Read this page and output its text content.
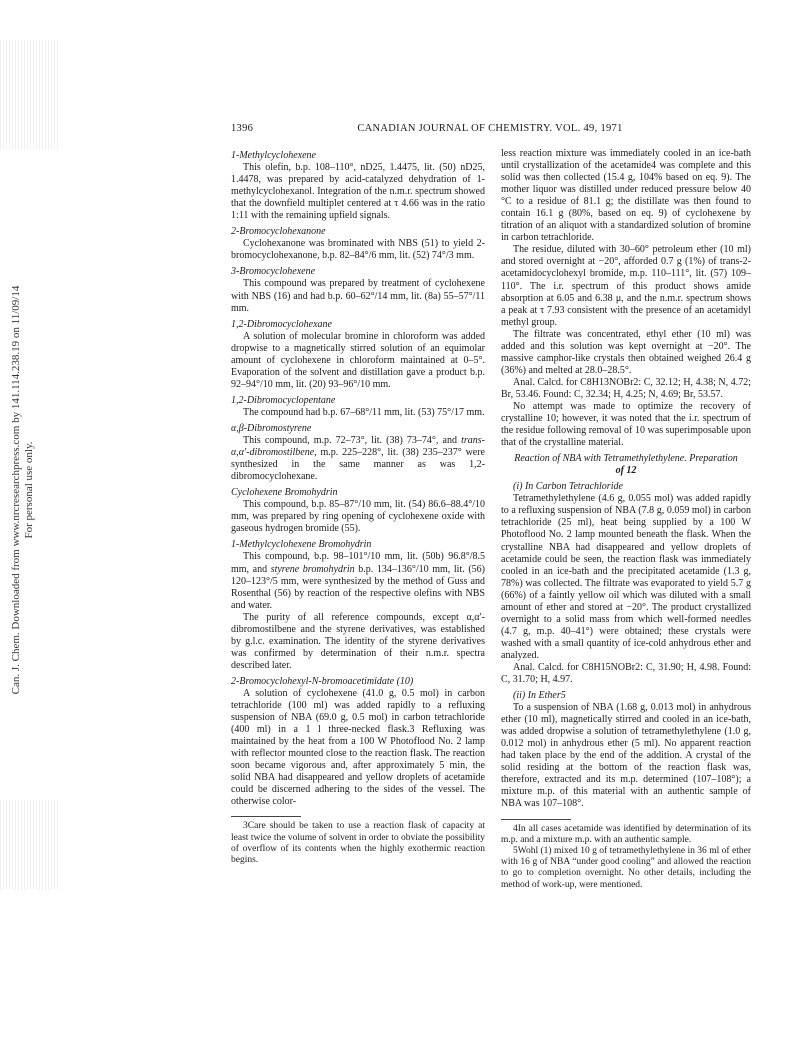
Can. J. Chem. Downloaded from www.nrcresearchpress.com by 141.114.238.19 on 11/09/14
For personal use only.
1396	CANADIAN JOURNAL OF CHEMISTRY. VOL. 49, 1971
1-Methylcyclohexene

This olefin, b.p. 108–110°, nD25, 1.4475, lit. (50) nD25, 1.4478, was prepared by acid-catalyzed dehydration of 1-methylcyclohexanol. Integration of the n.m.r. spectrum showed that the downfield multiplet centered at τ 4.66 was in the ratio 1:11 with the remaining upfield signals.

2-Bromocyclohexanone

Cyclohexanone was brominated with NBS (51) to yield 2-bromocyclohexanone, b.p. 82–84°/6 mm, lit. (52) 74°/3 mm.

3-Bromocyclohexene

This compound was prepared by treatment of cyclohexene with NBS (16) and had b.p. 60–62°/14 mm, lit. (8a) 55–57°/11 mm.

1,2-Dibromocyclohexane

A solution of molecular bromine in chloroform was added dropwise to a magnetically stirred solution of an equimolar amount of cyclohexene in chloroform maintained at 0–5°. Evaporation of the solvent and distillation gave a product b.p. 92–94°/10 mm, lit. (20) 93–96°/10 mm.

1,2-Dibromocyclopentane

The compound had b.p. 67–68°/11 mm, lit. (53) 75°/17 mm.

α,β-Dibromostyrene

This compound, m.p. 72–73°, lit. (38) 73–74°, and trans-α,α′-dibromostilbene, m.p. 225–228°, lit. (38) 235–237° were synthesized in the same manner as was 1,2-dibromocyclohexane.

Cyclohexene Bromohydrin

This compound, b.p. 85–87°/10 mm, lit. (54) 86.6–88.4°/10 mm, was prepared by ring opening of cyclohexene oxide with gaseous hydrogen bromide (55).

1-Methylcyclohexene Bromohydrin

This compound, b.p. 98–101°/10 mm, lit. (50b) 96.8°/8.5 mm, and styrene bromohydrin b.p. 134–136°/10 mm, lit. (56) 120–123°/5 mm, were synthesized by the method of Guss and Rosenthal (56) by reaction of the respective olefins with NBS and water.

The purity of all reference compounds, except α,α′-dibromostilbene and the styrene derivatives, was established by g.l.c. examination. The identity of the styrene derivatives was confirmed by determination of their n.m.r. spectra described later.

2-Bromocyclohexyl-N-bromoacetimidate (10)

A solution of cyclohexene (41.0 g, 0.5 mol) in carbon tetrachloride (100 ml) was added rapidly to a refluxing suspension of NBA (69.0 g, 0.5 mol) in carbon tetrachloride (400 ml) in a 1 l three-necked flask.3 Refluxing was maintained by the heat from a 100 W Photoflood No. 2 lamp with reflector mounted close to the reaction flask. The reaction soon became vigorous and, after approximately 5 min, the solid NBA had disappeared and yellow droplets of acetamide could be discerned adhering to the sides of the vessel. The otherwise color-

3Care should be taken to use a reaction flask of capacity at least twice the volume of solvent in order to obviate the possibility of overflow of its contents when the highly exothermic reaction begins.

less reaction mixture was immediately cooled in an ice-bath until crystallization of the acetamide4 was complete and this solid was then collected (15.4 g, 104% based on eq. 9). The mother liquor was distilled under reduced pressure below 40 °C to a residue of 81.1 g; the distillate was then found to contain 16.1 g (80%, based on eq. 9) of cyclohexene by titration of an aliquot with a standardized solution of bromine in carbon tetrachloride.

The residue, diluted with 30–60° petroleum ether (10 ml) and stored overnight at −20°, afforded 0.7 g (1%) of trans-2-acetamidocyclohexyl bromide, m.p. 110–111°, lit. (57) 109–110°. The i.r. spectrum of this product shows amide absorption at 6.05 and 6.38 μ, and the n.m.r. spectrum shows a peak at τ 7.93 consistent with the presence of an acetamidyl methyl group.

The filtrate was concentrated, ethyl ether (10 ml) was added and this solution was kept overnight at −20°. The massive camphor-like crystals then obtained weighed 26.4 g (36%) and melted at 28.0–28.5°.

Anal. Calcd. for C8H13NOBr2: C, 32.12; H, 4.38; N, 4.72; Br, 53.46. Found: C, 32.34; H, 4.25; N, 4.69; Br, 53.57.

No attempt was made to optimize the recovery of crystalline 10; however, it was noted that the i.r. spectrum of the residue following removal of 10 was superimposable upon that of the crystalline material.

Reaction of NBA with Tetramethylethylene. Preparation
of 12
(i) In Carbon Tetrachloride

Tetramethylethylene (4.6 g, 0.055 mol) was added rapidly to a refluxing suspension of NBA (7.8 g, 0.059 mol) in carbon tetrachloride (25 ml), heat being supplied by a 100 W Photoflood No. 2 lamp mounted beneath the flask. When the crystalline NBA had disappeared and yellow droplets of acetamide could be seen, the reaction flask was immediately cooled in an ice-bath and the precipitated acetamide (1.3 g, 78%) was collected. The filtrate was evaporated to yield 5.7 g (66%) of a faintly yellow oil which was diluted with a small amount of ether and stored at −20°. The product crystallized overnight to a solid mass from which well-formed needles (4.7 g, m.p. 40–41°) were obtained; these crystals were washed with a small quantity of ice-cold anhydrous ether and analyzed.

Anal. Calcd. for C8H15NOBr2: C, 31.90; H, 4.98. Found: C, 31.70; H, 4.97.

(ii) In Ether5

To a suspension of NBA (1.68 g, 0.013 mol) in anhydrous ether (10 ml), magnetically stirred and cooled in an ice-bath, was added dropwise a solution of tetramethylethylene (1.0 g, 0.012 mol) in anhydrous ether (5 ml). No apparent reaction had taken place by the end of the addition. A crystal of the solid residing at the bottom of the reaction flask was, therefore, extracted and its m.p. determined (107–108°); a mixture m.p. of this material with an authentic sample of NBA was 107–108°.

4In all cases acetamide was identified by determination of its m.p. and a mixture m.p. with an authentic sample.

5Wohl (1) mixed 10 g of tetramethylethylene in 36 ml of ether with 16 g of NBA “under good cooling” and allowed the reaction to go to completion overnight. No other details, including the method of work-up, were mentioned.
